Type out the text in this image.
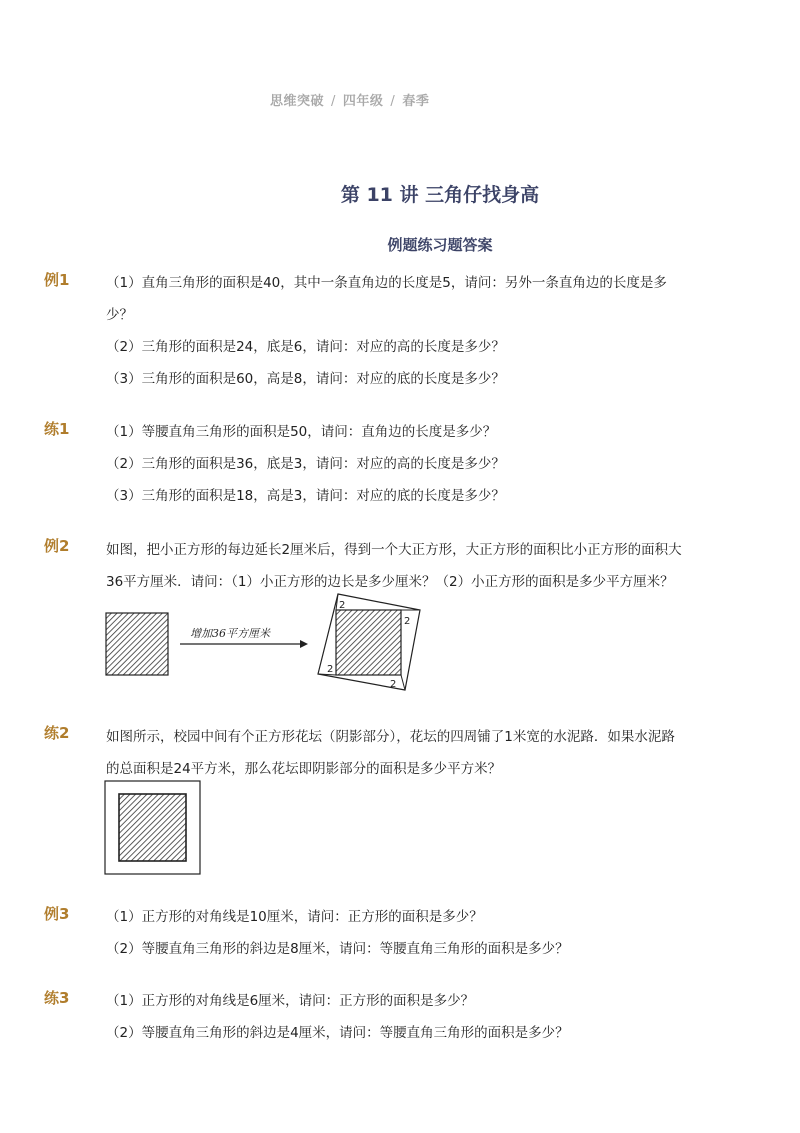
思维突破 / 四年级 / 春季
第 11 讲 三角仔找身高
例题练习题答案
例1	（1）直角三角形的面积是40，其中一条直角边的长度是5，请问：另外一条直角边的长度是多
少？
（2）三角形的面积是24，底是6，请问：对应的高的长度是多少？
（3）三角形的面积是60，高是8，请问：对应的底的长度是多少？
练1	（1）等腰直角三角形的面积是50，请问：直角边的长度是多少？
（2）三角形的面积是36，底是3，请问：对应的高的长度是多少？
（3）三角形的面积是18，高是3，请问：对应的底的长度是多少？
例2	如图，把小正方形的每边延长2厘米后，得到一个大正方形，大正方形的面积比小正方形的面积大
36平方厘米．请问：（1）小正方形的边长是多少厘米？（2）小正方形的面积是多少平方厘米？
增加36平方厘米
2
2
2
2
练2	如图所示，校园中间有个正方形花坛（阴影部分），花坛的四周铺了1米宽的水泥路．如果水泥路
的总面积是24平方米，那么花坛即阴影部分的面积是多少平方米？
例3	（1）正方形的对角线是10厘米，请问：正方形的面积是多少？
（2）等腰直角三角形的斜边是8厘米，请问：等腰直角三角形的面积是多少？
练3	（1）正方形的对角线是6厘米，请问：正方形的面积是多少？
（2）等腰直角三角形的斜边是4厘米，请问：等腰直角三角形的面积是多少？
